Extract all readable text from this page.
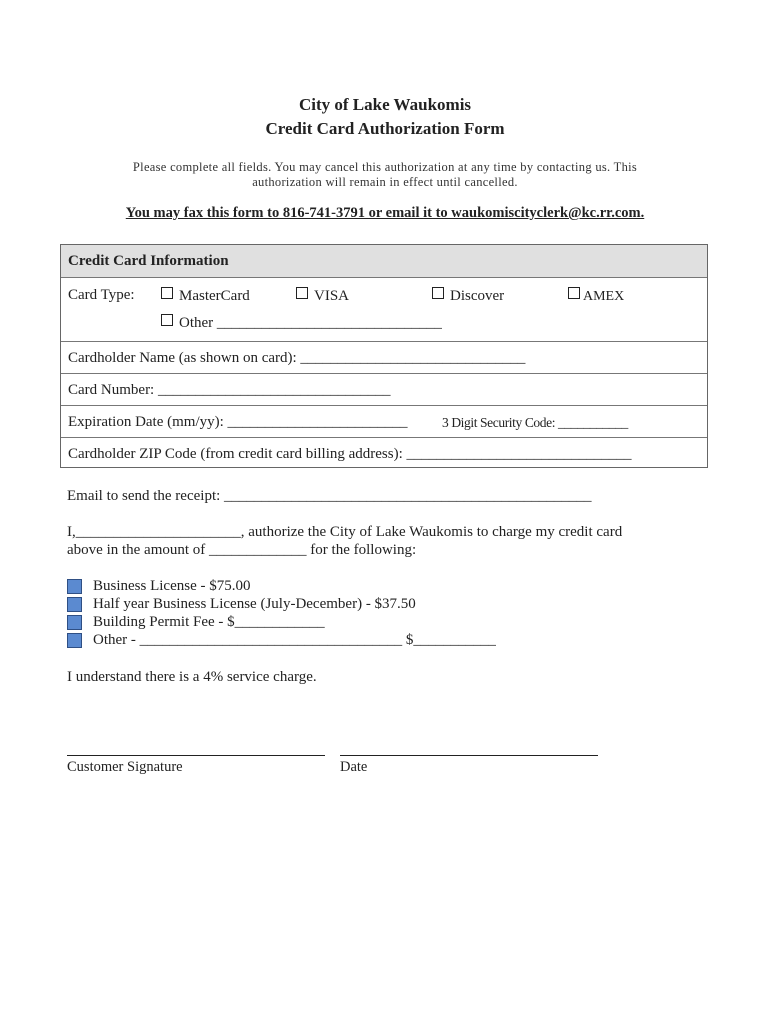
City of Lake Waukomis
Credit Card Authorization Form
Please complete all fields. You may cancel this authorization at any time by contacting us. This
authorization will remain in effect until cancelled.
You may fax this form to 816-741-3791 or email it to waukomiscityclerk@kc.rr.com.
Credit Card Information
Card Type:	MasterCard	VISA	Discover	AMEX
Other ______________________________
Cardholder Name (as shown on card): ______________________________
Card Number: _______________________________
Expiration Date (mm/yy): ________________________	3 Digit Security Code: ___________
Cardholder ZIP Code (from credit card billing address): ______________________________
Email to send the receipt: _________________________________________________
I,______________________, authorize the City of Lake Waukomis to charge my credit card
above in the amount of _____________ for the following:
Business License - $75.00
Half year Business License (July-December) - $37.50
Building Permit Fee - $____________
Other - ___________________________________ $___________
I understand there is a 4% service charge.
Customer Signature	Date
